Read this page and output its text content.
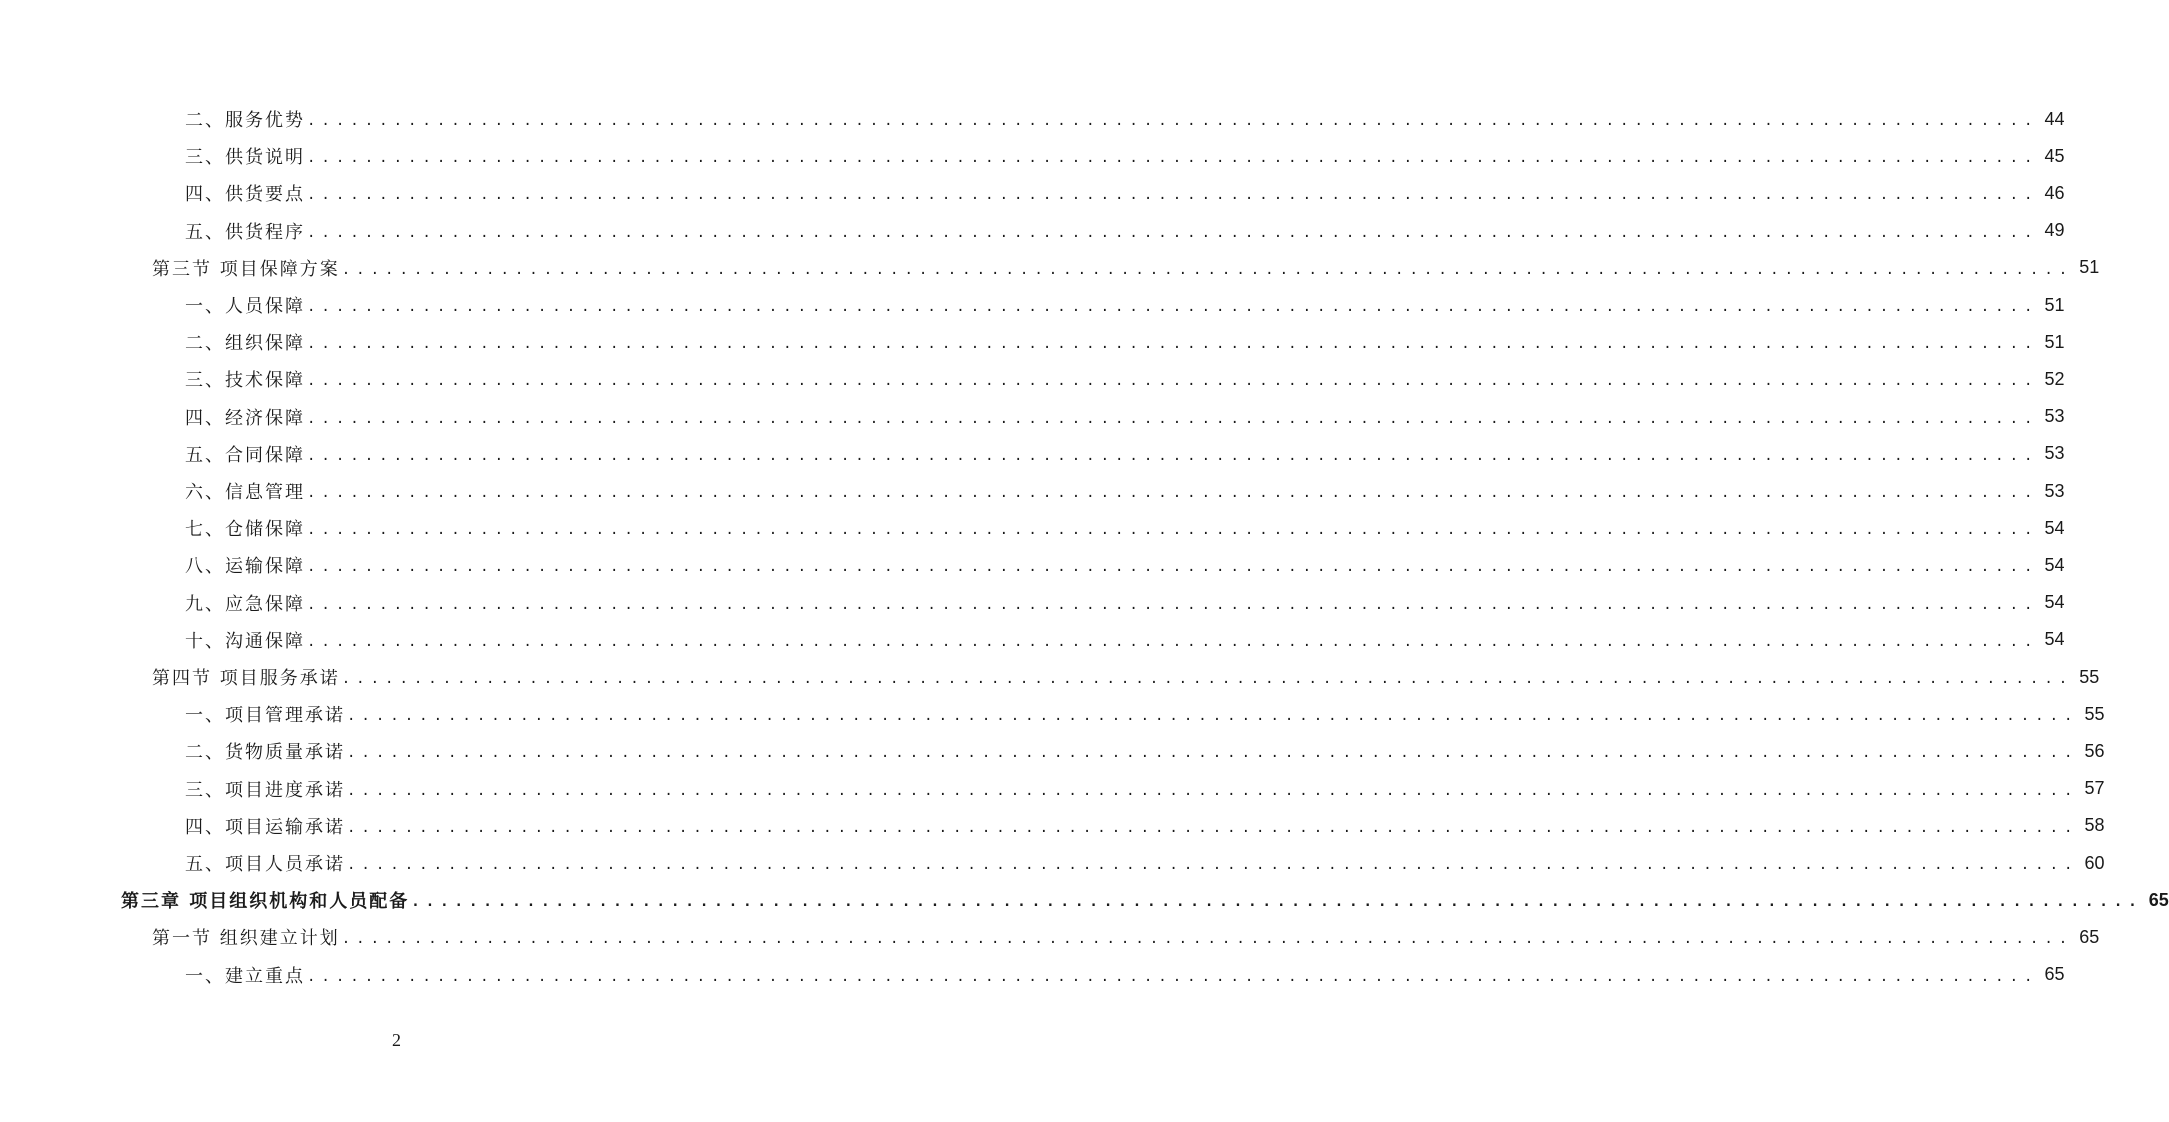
二、服务优势 ........................................................................................................................ 44
三、供货说明 ........................................................................................................................ 45
四、供货要点 ........................................................................................................................ 46
五、供货程序 ........................................................................................................................ 49
第三节 项目保障方案 ........................................................................................................................ 51
一、人员保障 ........................................................................................................................ 51
二、组织保障 ........................................................................................................................ 51
三、技术保障 ........................................................................................................................ 52
四、经济保障 ........................................................................................................................ 53
五、合同保障 ........................................................................................................................ 53
六、信息管理 ........................................................................................................................ 53
七、仓储保障 ........................................................................................................................ 54
八、运输保障 ........................................................................................................................ 54
九、应急保障 ........................................................................................................................ 54
十、沟通保障 ........................................................................................................................ 54
第四节 项目服务承诺 ........................................................................................................................ 55
一、项目管理承诺 ........................................................................................................................ 55
二、货物质量承诺 ........................................................................................................................ 56
三、项目进度承诺 ........................................................................................................................ 57
四、项目运输承诺 ........................................................................................................................ 58
五、项目人员承诺 ........................................................................................................................ 60
第三章 项目组织机构和人员配备 ........................................................................................................................ 65
第一节 组织建立计划 ........................................................................................................................ 65
一、建立重点 ........................................................................................................................ 65
2
